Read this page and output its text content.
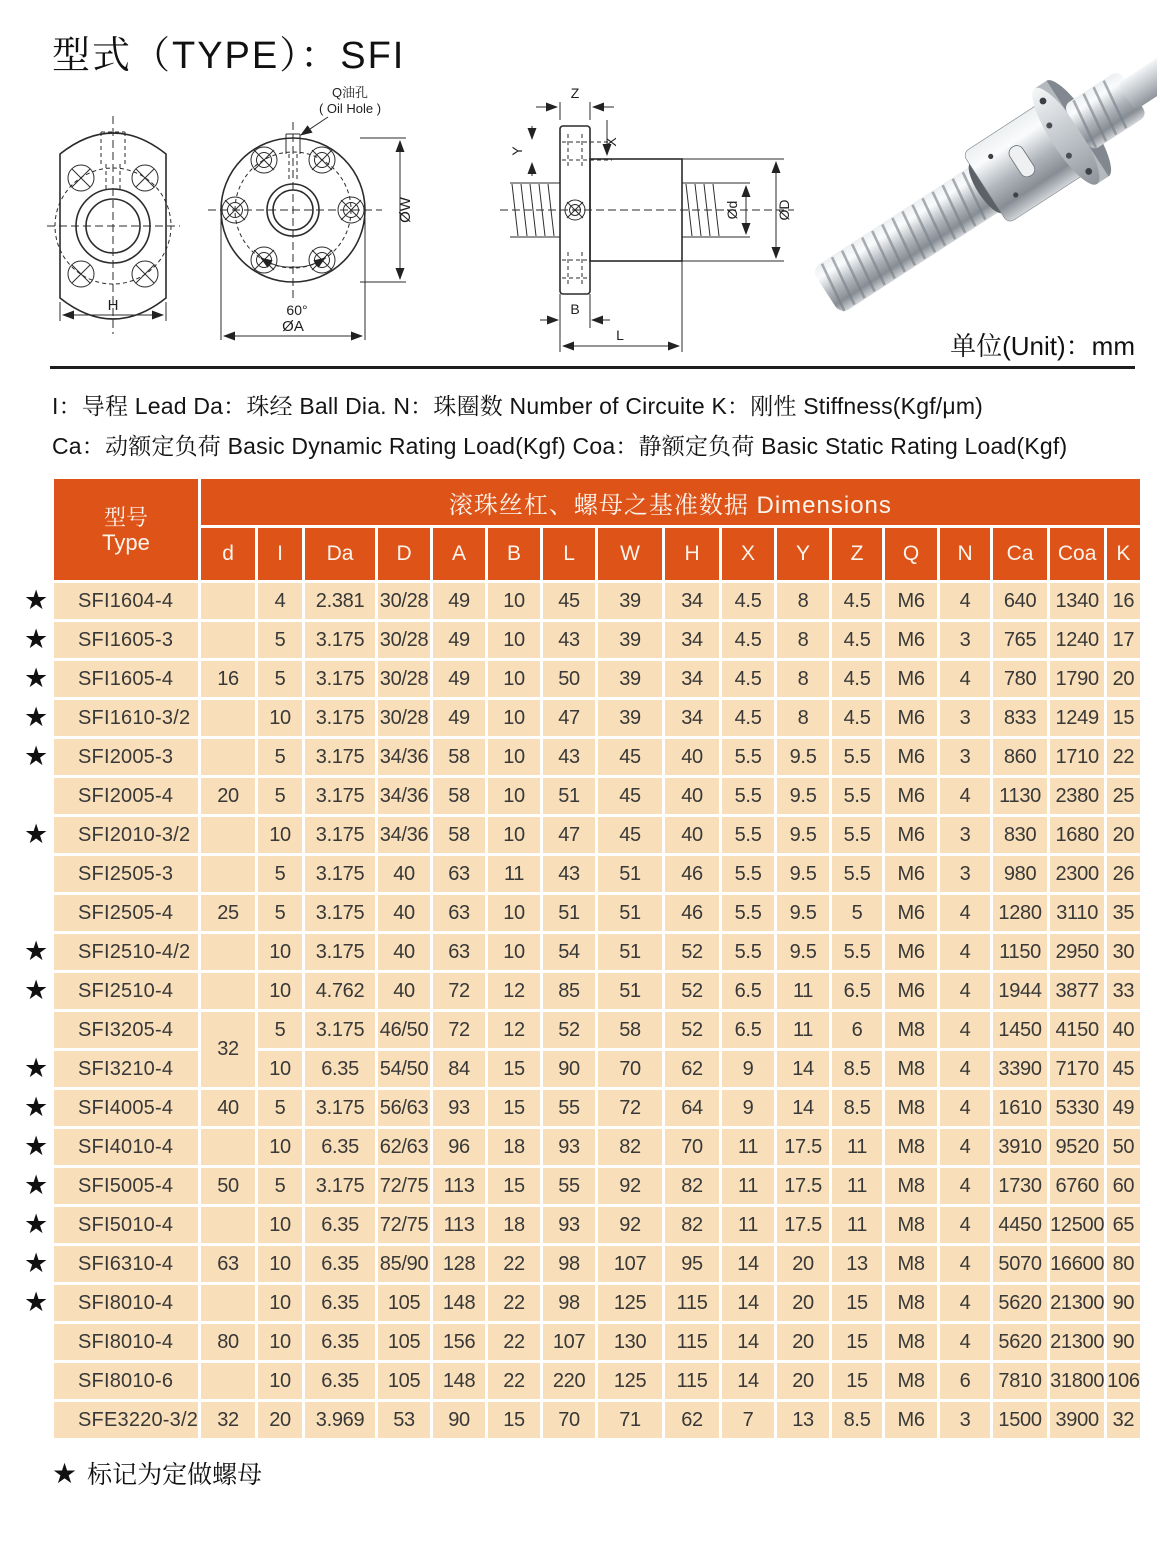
型式（TYPE）：SFI
H
Q油孔
( Oil Hole )
ØW
60°
ØA
Z
Y
X
Ød	ØD
B
L	单位(Unit)：mm
I：导程 Lead Da：珠经 Ball Dia. N：珠圈数 Number of Circuite K：刚性 Stiffness(Kgf/μm)
Ca：动额定负荷 Basic Dynamic Rating Load(Kgf) Coa：静额定负荷 Basic Static Rating Load(Kgf)

	型号
Type	滚珠丝杠、螺母之基准数据 Dimensions																
		d	I	Da	D	A	B	L	W	H	X	Y	Z	Q	N	Ca	Coa	K
★	SFI1604-4		4	2.381	30/28	49	10	45	39	34	4.5	8	4.5	M6	4	640	1340	16
★	SFI1605-3		5	3.175	30/28	49	10	43	39	34	4.5	8	4.5	M6	3	765	1240	17
★	SFI1605-4	16	5	3.175	30/28	49	10	50	39	34	4.5	8	4.5	M6	4	780	1790	20
★	SFI1610-3/2		10	3.175	30/28	49	10	47	39	34	4.5	8	4.5	M6	3	833	1249	15
★	SFI2005-3		5	3.175	34/36	58	10	43	45	40	5.5	9.5	5.5	M6	3	860	1710	22
	SFI2005-4	20	5	3.175	34/36	58	10	51	45	40	5.5	9.5	5.5	M6	4	1130	2380	25
★	SFI2010-3/2		10	3.175	34/36	58	10	47	45	40	5.5	9.5	5.5	M6	3	830	1680	20
	SFI2505-3		5	3.175	40	63	11	43	51	46	5.5	9.5	5.5	M6	3	980	2300	26
	SFI2505-4	25	5	3.175	40	63	10	51	51	46	5.5	9.5	5	M6	4	1280	3110	35
★	SFI2510-4/2		10	3.175	40	63	10	54	51	52	5.5	9.5	5.5	M6	4	1150	2950	30
★	SFI2510-4		10	4.762	40	72	12	85	51	52	6.5	11	6.5	M6	4	1944	3877	33
	SFI3205-4	32	5	3.175	46/50	72	12	52	58	52	6.5	11	6	M8	4	1450	4150	40
★	SFI3210-4		10	6.35	54/50	84	15	90	70	62	9	14	8.5	M8	4	3390	7170	45
★	SFI4005-4	40	5	3.175	56/63	93	15	55	72	64	9	14	8.5	M8	4	1610	5330	49
★	SFI4010-4		10	6.35	62/63	96	18	93	82	70	11	17.5	11	M8	4	3910	9520	50
★	SFI5005-4	50	5	3.175	72/75	113	15	55	92	82	11	17.5	11	M8	4	1730	6760	60
★	SFI5010-4		10	6.35	72/75	113	18	93	92	82	11	17.5	11	M8	4	4450	12500	65
★	SFI6310-4	63	10	6.35	85/90	128	22	98	107	95	14	20	13	M8	4	5070	16600	80
★	SFI8010-4		10	6.35	105	148	22	98	125	115	14	20	15	M8	4	5620	21300	90
	SFI8010-4	80	10	6.35	105	156	22	107	130	115	14	20	15	M8	4	5620	21300	90
	SFI8010-6		10	6.35	105	148	22	220	125	115	14	20	15	M8	6	7810	31800	106
	SFE3220-3/2	32	20	3.969	53	90	15	70	71	62	7	13	8.5	M6	3	1500	3900	32
★ 标记为定做螺母
